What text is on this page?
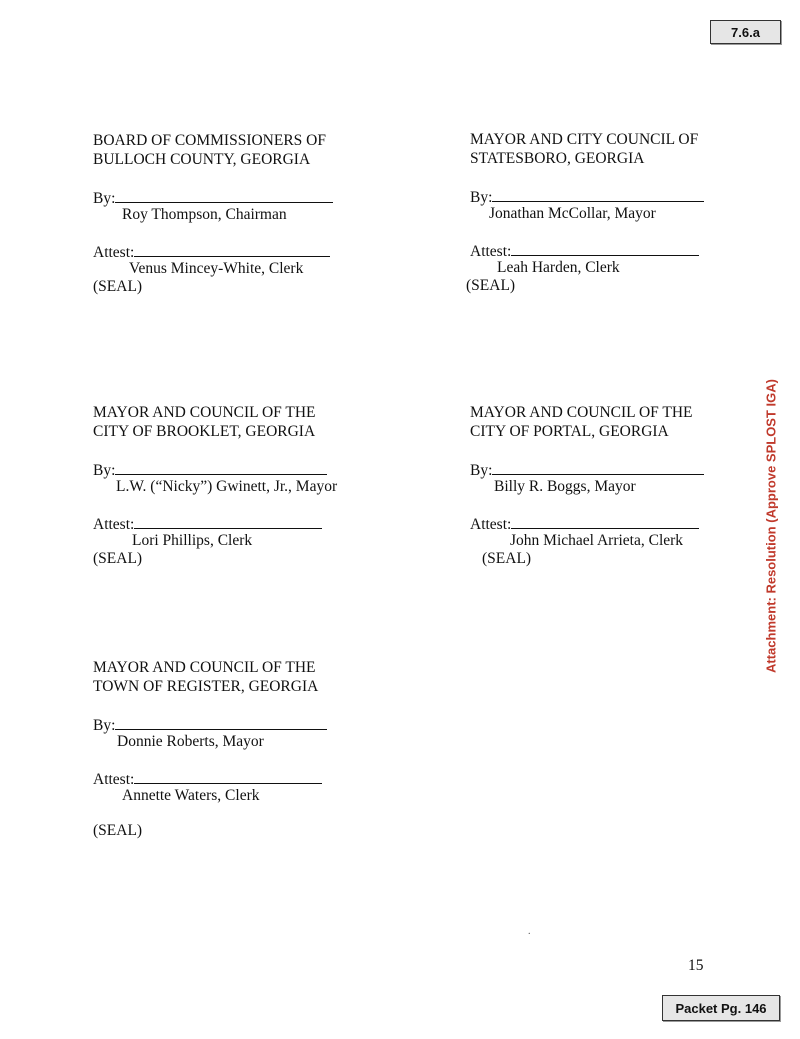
7.6.a
Attachment: Resolution (Approve SPLOST IGA)
BOARD OF COMMISSIONERS OF
BULLOCH COUNTY, GEORGIA
By:
Roy Thompson, Chairman
Attest:
Venus Mincey-White, Clerk
(SEAL)
MAYOR AND CITY COUNCIL OF
STATESBORO, GEORGIA
By:
Jonathan McCollar, Mayor
Attest:
Leah Harden, Clerk
(SEAL)
MAYOR AND COUNCIL OF THE
CITY OF BROOKLET, GEORGIA
By:
L.W. (“Nicky”) Gwinett, Jr., Mayor
Attest:
Lori Phillips, Clerk
(SEAL)
MAYOR AND COUNCIL OF THE
CITY OF PORTAL, GEORGIA
By:
Billy R. Boggs, Mayor
Attest:
John Michael Arrieta, Clerk
(SEAL)
MAYOR AND COUNCIL OF THE
TOWN OF REGISTER, GEORGIA
By:
Donnie Roberts, Mayor
Attest:
Annette Waters, Clerk
(SEAL)
.
15
Packet Pg. 146
